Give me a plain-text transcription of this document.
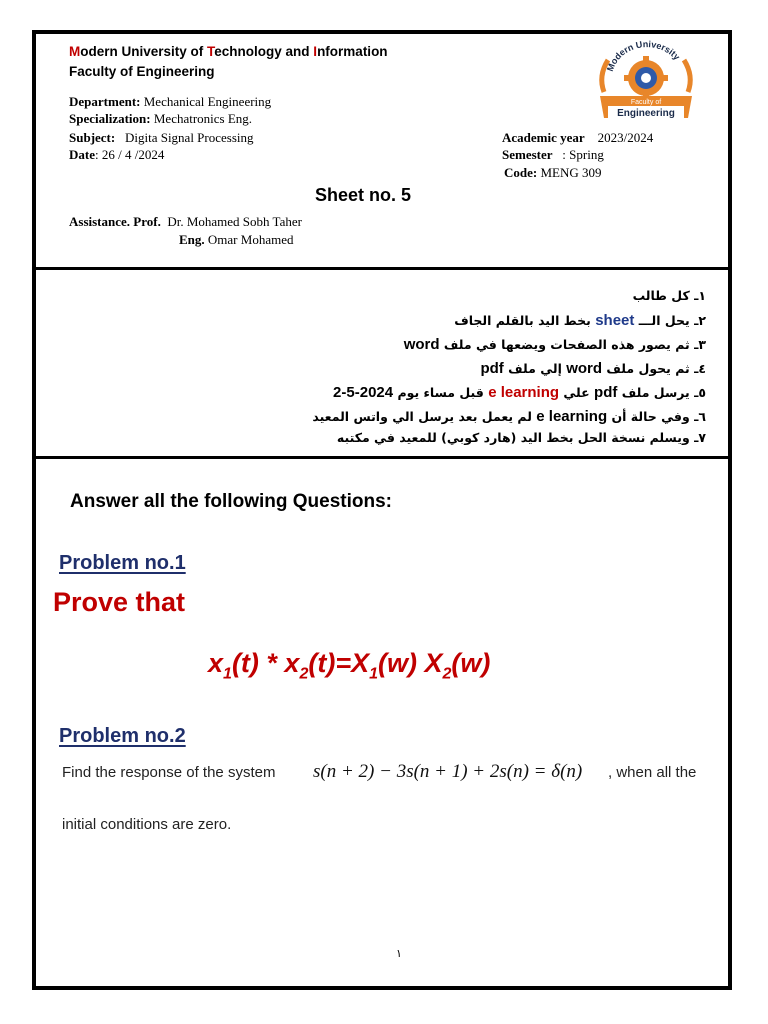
Modern University of Technology and Information
Faculty of Engineering
Department: Mechanical Engineering
Specialization: Mechatronics Eng.
Subject: Digita Signal Processing
Date: 26 / 4 /2024
Academic year 2023/2024
Semester : Spring
Code: MENG 309
Sheet no. 5
Assistance. Prof. Dr. Mohamed Sobh Taher
Eng. Omar Mohamed
Modern University
Faculty of
Engineering
١ـ كل طالب
٢ـ يحل الـــ sheet بخط اليد بالقلم الجاف
٣ـ ثم يصور هذه الصفحات ويضعها في ملف word
٤ـ ثم يحول ملف word إلي ملف pdf
٥ـ يرسل ملف pdf علي e learning قبل مساء يوم 2-5-2024
٦ـ وفي حالة أن e learning لم يعمل بعد يرسل الي واتس المعيد
٧ـ ويسلم نسخة الحل بخط اليد (هارد كوبي) للمعيد في مكتبه
Answer all the following Questions:
Problem no.1
Prove that
$x_1(t) * x_2(t)=X_1(w)$ $X_2(w)$
Problem no.2
Find the response of the system s(n + 2) − 3s(n + 1) + 2s(n) = δ(n) , when all the
initial conditions are zero.
١
